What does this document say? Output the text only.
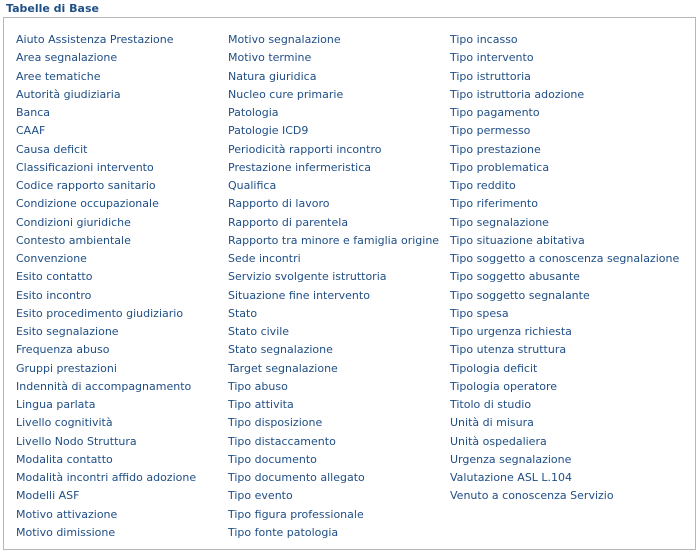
Tabelle di Base
Aiuto Assistenza Prestazione
Area segnalazione
Aree tematiche
Autorità giudiziaria
Banca
CAAF
Causa deficit
Classificazioni intervento
Codice rapporto sanitario
Condizione occupazionale
Condizioni giuridiche
Contesto ambientale
Convenzione
Esito contatto
Esito incontro
Esito procedimento giudiziario
Esito segnalazione
Frequenza abuso
Gruppi prestazioni
Indennità di accompagnamento
Lingua parlata
Livello cognitività
Livello Nodo Struttura
Modalita contatto
Modalità incontri affido adozione
Modelli ASF
Motivo attivazione
Motivo dimissione
Motivo segnalazione
Motivo termine
Natura giuridica
Nucleo cure primarie
Patologia
Patologie ICD9
Periodicità rapporti incontro
Prestazione infermeristica
Qualifica
Rapporto di lavoro
Rapporto di parentela
Rapporto tra minore e famiglia origine
Sede incontri
Servizio svolgente istruttoria
Situazione fine intervento
Stato
Stato civile
Stato segnalazione
Target segnalazione
Tipo abuso
Tipo attivita
Tipo disposizione
Tipo distaccamento
Tipo documento
Tipo documento allegato
Tipo evento
Tipo figura professionale
Tipo fonte patologia
Tipo incasso
Tipo intervento
Tipo istruttoria
Tipo istruttoria adozione
Tipo pagamento
Tipo permesso
Tipo prestazione
Tipo problematica
Tipo reddito
Tipo riferimento
Tipo segnalazione
Tipo situazione abitativa
Tipo soggetto a conoscenza segnalazione
Tipo soggetto abusante
Tipo soggetto segnalante
Tipo spesa
Tipo urgenza richiesta
Tipo utenza struttura
Tipologia deficit
Tipologia operatore
Titolo di studio
Unità di misura
Unità ospedaliera
Urgenza segnalazione
Valutazione ASL L.104
Venuto a conoscenza Servizio
